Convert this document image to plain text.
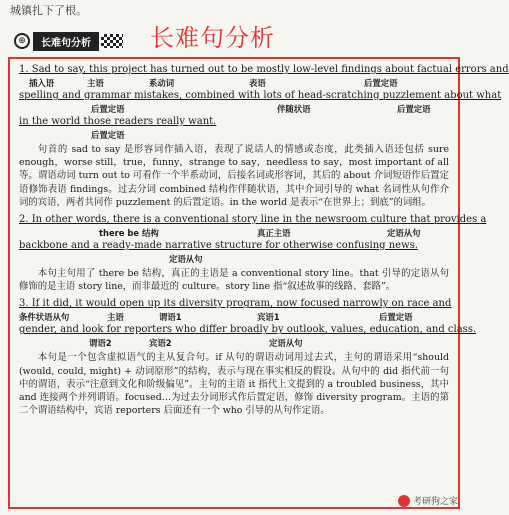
城镇扎下了根。
⊕	长难句分析	长难句分析
1. Sad to say, this project has turned out to be mostly low-level findings about factual errors and
插入语	主语	系动词	表语	后置定语
spelling and grammar mistakes, combined with lots of head-scratching puzzlement about what
后置定语	伴随状语	后置定语
in the world those readers really want.
后置定语

句首的 sad to say 是形容词作插入语，表现了说话人的情感或态度，此类插入语还包括 sure enough，worse still，true，funny，strange to say，needless to say，most important of all 等。谓语动词 turn out to 可看作一个半系动词，后接名词或形容词，其后的 about 介词短语作后置定语修饰表语 findings。过去分词 combined 结构作伴随状语，其中介词引导的 what 名词性从句作介词的宾语，两者共同作 puzzlement 的后置定语。in the world 是表示“在世界上；到底”的词组。

2. In other words, there is a conventional story line in the newsroom culture that provides a
there be 结构	真正主语	定语从句
backbone and a ready-made narrative structure for otherwise confusing news.
定语从句

本句主句用了 there be 结构，真正的主语是 a conventional story line。that 引导的定语从句修饰的是主语 story line，而非最近的 culture。story line 指“叙述故事的线路、套路”。

3. If it did, it would open up its diversity program, now focused narrowly on race and
条件状语从句	主语	谓语1	宾语1	后置定语
gender, and look for reporters who differ broadly by outlook, values, education, and class.
谓语2	宾语2	定语从句

本句是一个包含虚拟语气的主从复合句。if 从句的谓语动词用过去式，主句的谓语采用“should (would, could, might) + 动词原形”的结构，表示与现在事实相反的假设。从句中的 did 指代前一句中的谓语，表示“注意到文化和阶级偏见”。主句的主语 it 指代上文提到的 a troubled business，其中 and 连接两个并列谓语。focused…为过去分词形式作后置定语，修饰 diversity program。主语的第二个谓语结构中，宾语 reporters 后面还有一个 who 引导的从句作定语。

考研狗之家
